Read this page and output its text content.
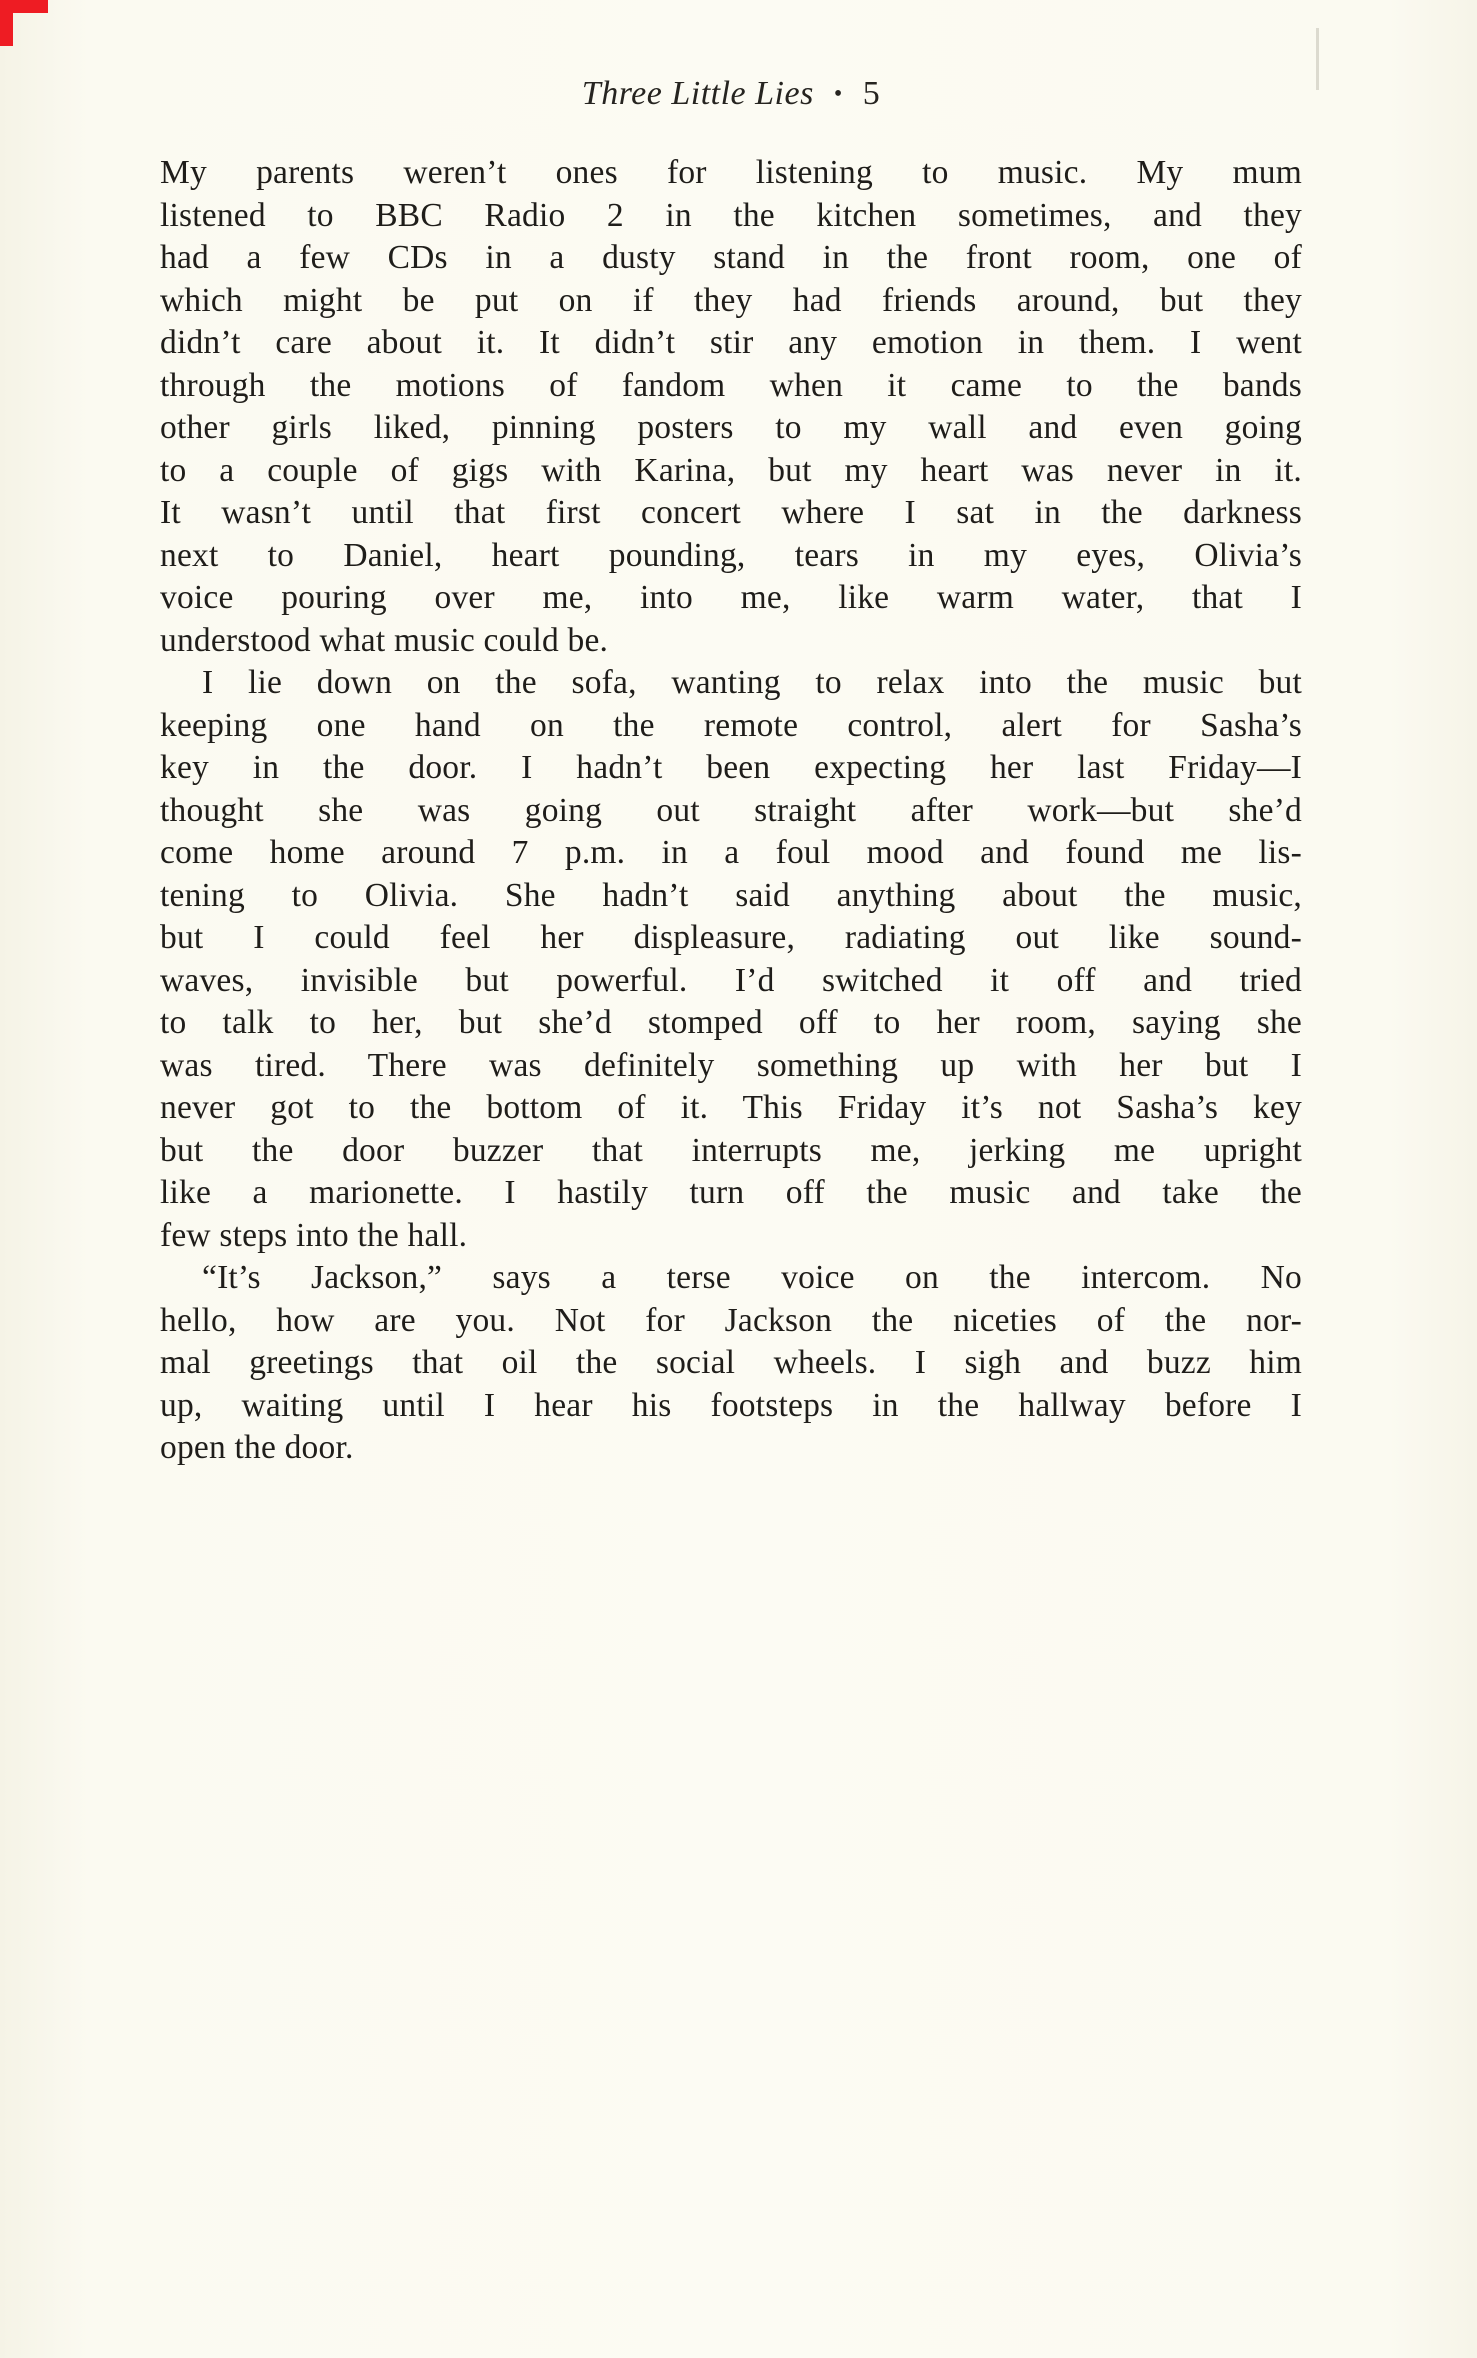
Three Little Lies • 5

My parents weren’t ones for listening to music. My mum
listened to BBC Radio 2 in the kitchen sometimes, and they
had a few CDs in a dusty stand in the front room, one of
which might be put on if they had friends around, but they
didn’t care about it. It didn’t stir any emotion in them. I went
through the motions of fandom when it came to the bands
other girls liked, pinning posters to my wall and even going
to a couple of gigs with Karina, but my heart was never in it.
It wasn’t until that first concert where I sat in the darkness
next to Daniel, heart pounding, tears in my eyes, Olivia’s
voice pouring over me, into me, like warm water, that I
understood what music could be.

I lie down on the sofa, wanting to relax into the music but
keeping one hand on the remote control, alert for Sasha’s
key in the door. I hadn’t been expecting her last Friday—I
thought she was going out straight after work—but she’d
come home around 7 p.m. in a foul mood and found me lis-
tening to Olivia. She hadn’t said anything about the music,
but I could feel her displeasure, radiating out like sound-
waves, invisible but powerful. I’d switched it off and tried
to talk to her, but she’d stomped off to her room, saying she
was tired. There was definitely something up with her but I
never got to the bottom of it. This Friday it’s not Sasha’s key
but the door buzzer that interrupts me, jerking me upright
like a marionette. I hastily turn off the music and take the
few steps into the hall.

“It’s Jackson,” says a terse voice on the intercom. No
hello, how are you. Not for Jackson the niceties of the nor-
mal greetings that oil the social wheels. I sigh and buzz him
up, waiting until I hear his footsteps in the hallway before I
open the door.
